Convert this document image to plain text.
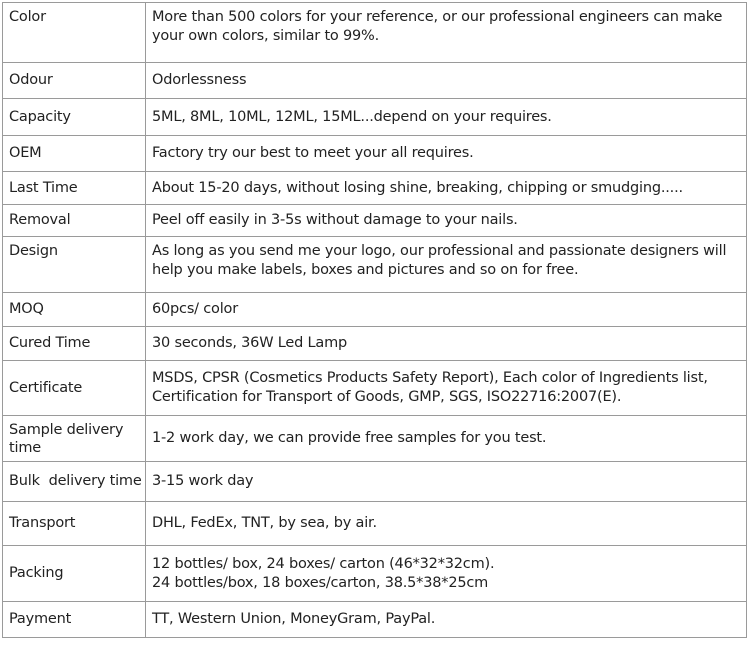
Color	More than 500 colors for your reference, or our professional engineers can make your own colors, similar to 99%.
Odour	Odorlessness
Capacity	5ML, 8ML, 10ML, 12ML, 15ML...depend on your requires.
OEM	Factory try our best to meet your all requires.
Last Time	About 15-20 days, without losing shine, breaking, chipping or smudging.....
Removal	Peel off easily in 3-5s without damage to your nails.
Design	As long as you send me your logo, our professional and passionate designers will help you make labels, boxes and pictures and so on for free.
MOQ	60pcs/ color
Cured Time	30 seconds, 36W Led Lamp
Certificate	MSDS, CPSR (Cosmetics Products Safety Report), Each color of Ingredients list, Certification for Transport of Goods, GMP, SGS, ISO22716:2007(E).
Sample delivery time	1-2 work day, we can provide free samples for you test.
Bulk  delivery time	3-15 work day
Transport	DHL, FedEx, TNT, by sea, by air.
Packing	12 bottles/ box, 24 boxes/ carton (46*32*32cm).
24 bottles/box, 18 boxes/carton, 38.5*38*25cm

Payment	TT, Western Union, MoneyGram, PayPal.
